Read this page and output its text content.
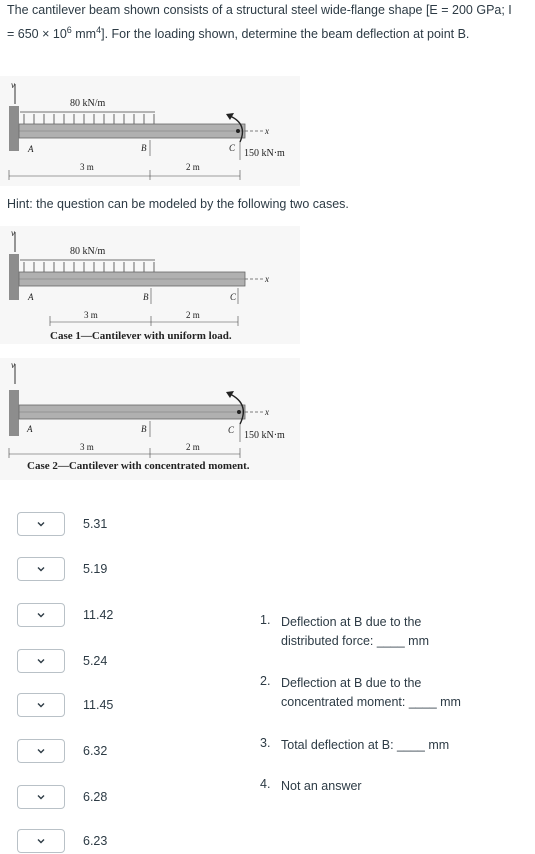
The cantilever beam shown consists of a structural steel wide-flange shape [E = 200 GPa; $I = 650 \times 10^6$ $mm^4$]. For the loading shown, determine the beam deflection at point B.
v
80 kN/m
x
A	B	C 150 kN·m
3 m	2 m
Hint: the question can be modeled by the following two cases.
v
80 kN/m
x
A	B	C
3 m	2 m
Case 1—Cantilever with uniform load.
v
x
A	B	C 150 kN·m
3 m	2 m
Case 2—Cantilever with concentrated moment.
5.31
5.19
11.42
5.24
11.45
6.32
6.28
6.23
1. Deflection at B due to the
distributed force: ____ mm
2. Deflection at B due to the
concentrated moment: ____ mm
3. Total deflection at B: ____ mm
4. Not an answer
